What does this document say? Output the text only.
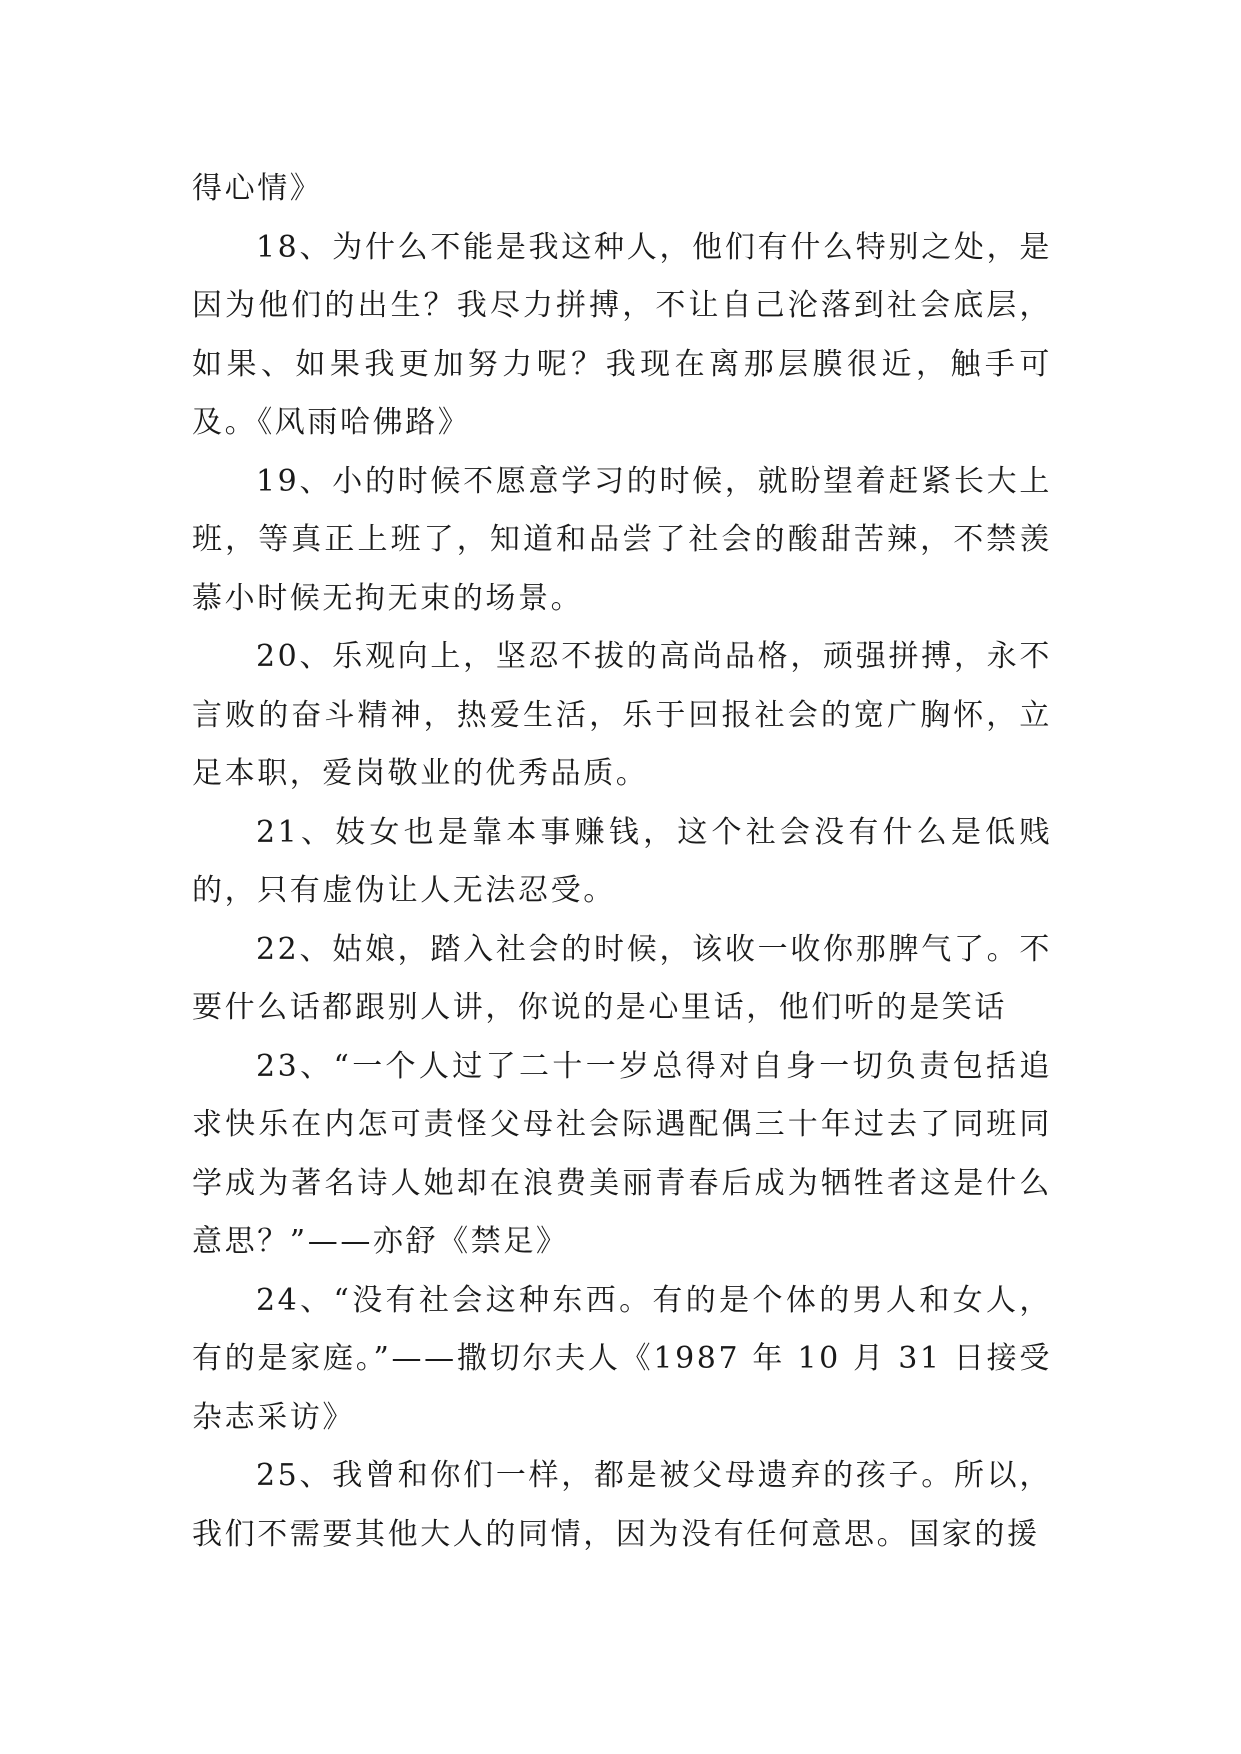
得心情》

18、为什么不能是我这种人，他们有什么特别之处，是因为他们的出生？我尽力拼搏，不让自己沦落到社会底层，如果、如果我更加努力呢？我现在离那层膜很近，触手可及。《风雨哈佛路》

19、小的时候不愿意学习的时候，就盼望着赶紧长大上班，等真正上班了，知道和品尝了社会的酸甜苦辣，不禁羡慕小时候无拘无束的场景。

20、乐观向上，坚忍不拔的高尚品格，顽强拼搏，永不言败的奋斗精神，热爱生活，乐于回报社会的宽广胸怀，立足本职，爱岗敬业的优秀品质。

21、妓女也是靠本事赚钱，这个社会没有什么是低贱的，只有虚伪让人无法忍受。

22、姑娘，踏入社会的时候，该收一收你那脾气了。不要什么话都跟别人讲，你说的是心里话，他们听的是笑话

23、“一个人过了二十一岁总得对自身一切负责包括追求快乐在内怎可责怪父母社会际遇配偶三十年过去了同班同学成为著名诗人她却在浪费美丽青春后成为牺牲者这是什么意思？”——亦舒《禁足》

24、“没有社会这种东西。有的是个体的男人和女人，有的是家庭。”——撒切尔夫人《1987 年 10 月 31 日接受杂志采访》

25、我曾和你们一样，都是被父母遗弃的孩子。所以，我们不需要其他大人的同情，因为没有任何意思。国家的援
